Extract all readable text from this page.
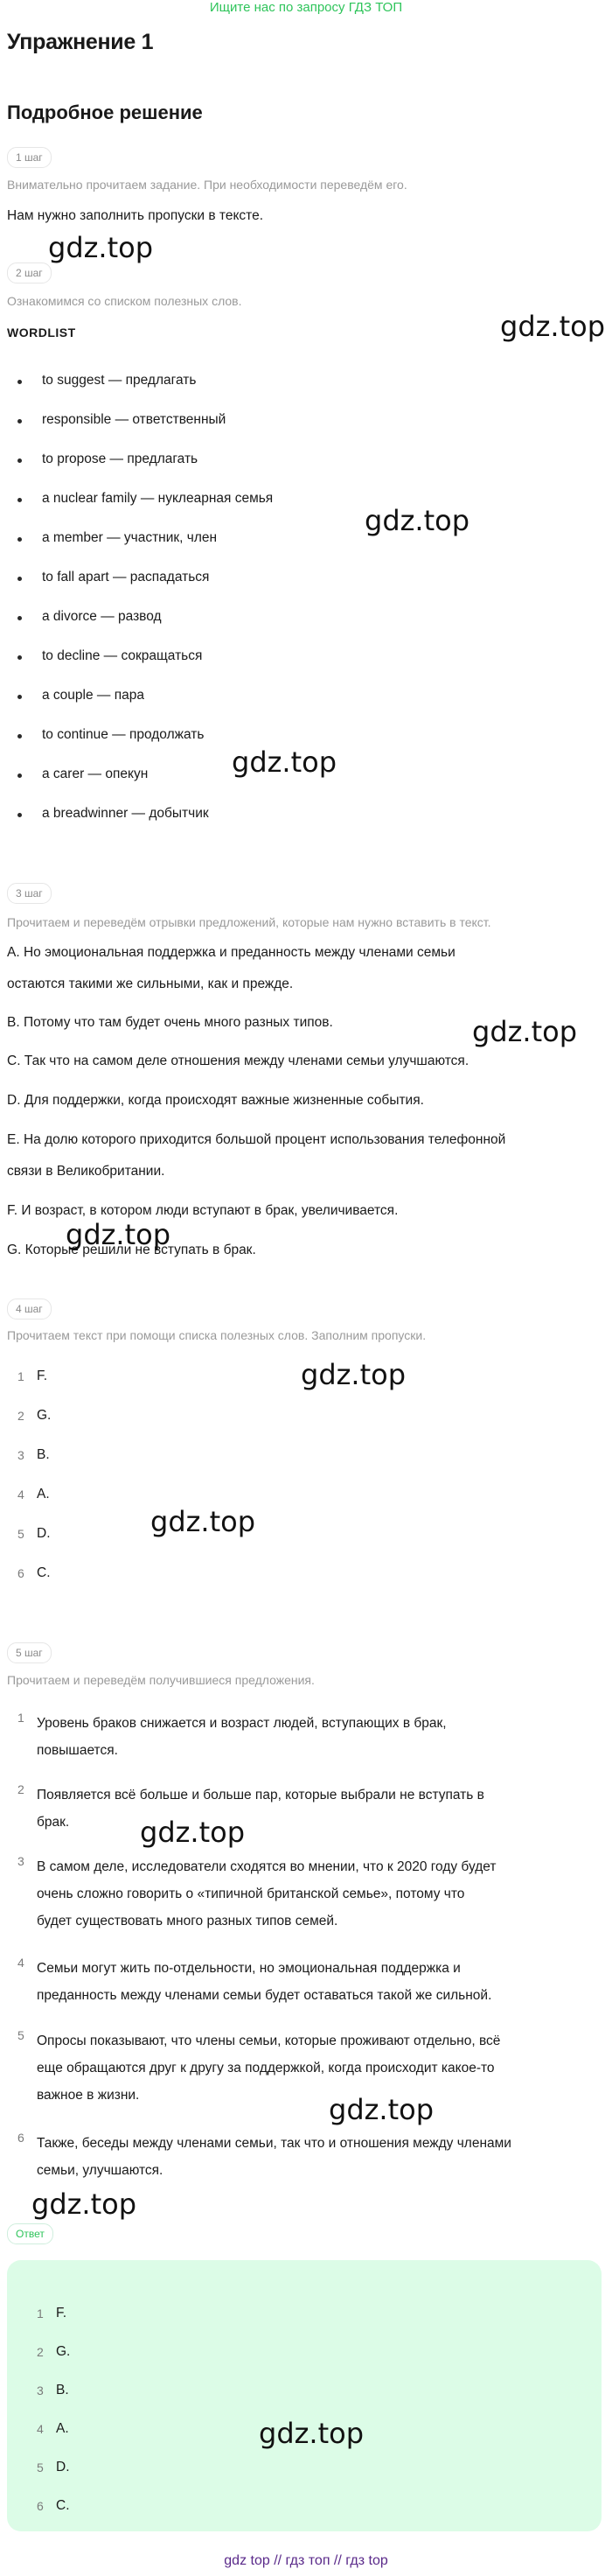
Ищите нас по запросу ГДЗ ТОП
Упражнение 1
Подробное решение
1 шаг
Внимательно прочитаем задание. При необходимости переведём его.
Нам нужно заполнить пропуски в тексте.
2 шаг
Ознакомимся со списком полезных слов.
WORDLIST
to suggest — предлагать
responsible — ответственный
to propose — предлагать
a nuclear family — нуклеарная семья
a member — участник, член
to fall apart — распадаться
a divorce — развод
to decline — сокращаться
a couple — пара
to continue — продолжать
a carer — опекун
a breadwinner — добытчик
3 шаг
Прочитаем и переведём отрывки предложений, которые нам нужно вставить в текст.
A. Но эмоциональная поддержка и преданность между членами семьи
остаются такими же сильными, как и прежде.
B. Потому что там будет очень много разных типов.
C. Так что на самом деле отношения между членами семьи улучшаются.
D. Для поддержки, когда происходят важные жизненные события.
E. На долю которого приходится большой процент использования телефонной
связи в Великобритании.
F. И возраст, в котором люди вступают в брак, увеличивается.
G. Которые решили не вступать в брак.
4 шаг
Прочитаем текст при помощи списка полезных слов. Заполним пропуски.
1 F.
2 G.
3 B.
4 A.
5 D.
6 C.
5 шаг
Прочитаем и переведём получившиеся предложения.
1 Уровень браков снижается и возраст людей, вступающих в брак,
повышается.
2 Появляется всё больше и больше пар, которые выбрали не вступать в
брак.
3 В самом деле, исследователи сходятся во мнении, что к 2020 году будет
очень сложно говорить о «типичной британской семье», потому что
будет существовать много разных типов семей.
4 Семьи могут жить по-отдельности, но эмоциональная поддержка и
преданность между членами семьи будет оставаться такой же сильной.
5 Опросы показывают, что члены семьи, которые проживают отдельно, всё
еще обращаются друг к другу за поддержкой, когда происходит какое-то
важное в жизни.
6 Также, беседы между членами семьи, так что и отношения между членами
семьи, улучшаются.
Ответ
1 F.
2 G.
3 B.
4 A.
5 D.
6 C.
gdz.top
gdz.top
gdz.top
gdz.top
gdz.top
gdz.top
gdz.top
gdz.top
gdz.top
gdz.top
gdz.top
gdz.top
gdz top // гдз топ // гдз top
